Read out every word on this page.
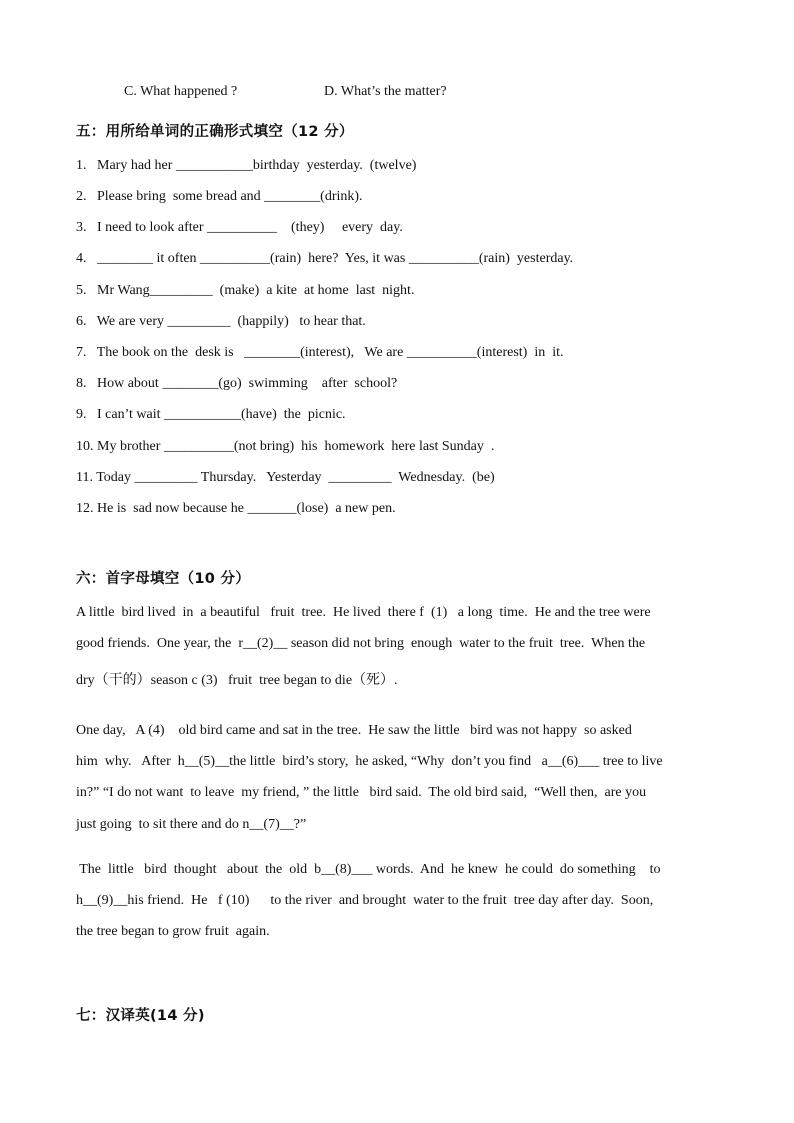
C. What happened ?	D. What’s the matter?
五：用所给单词的正确形式填空（12 分）
1.   Mary had her ___________birthday  yesterday.  (twelve)
2.   Please bring  some bread and ________(drink).
3.   I need to look after __________    (they)     every  day.
4.   ________ it often __________(rain)  here?  Yes, it was __________(rain)  yesterday.
5.   Mr Wang_________  (make)  a kite  at home  last  night.
6.   We are very _________  (happily)   to hear that.
7.   The book on the  desk is   ________(interest),   We are __________(interest)  in  it.
8.   How about ________(go)  swimming    after  school?
9.   I can’t wait ___________(have)  the  picnic.
10. My brother __________(not bring)  his  homework  here last Sunday  .
11. Today _________ Thursday.   Yesterday  _________  Wednesday.  (be)
12. He is  sad now because he _______(lose)  a new pen.
六：首字母填空（10 分）
A little  bird lived  in  a beautiful   fruit  tree.  He lived  there f  (1)   a long  time.  He and the tree were
good friends.  One year, the  r__(2)__ season did not bring  enough  water to the fruit  tree.  When the
dry（干的）season c (3)   fruit  tree began to die（死）.
One day,   A (4)    old bird came and sat in the tree.  He saw the little   bird was not happy  so asked
him  why.   After  h__(5)__the little  bird’s story,  he asked, “Why  don’t you find   a__(6)___ tree to live
in?” “I do not want  to leave  my friend, ” the little   bird said.  The old bird said,  “Well then,  are you
just going  to sit there and do n__(7)__?”
The  little   bird  thought   about  the  old  b__(8)___ words.  And  he knew  he could  do something    to
h__(9)__his friend.  He   f (10)      to the river  and brought  water to the fruit  tree day after day.  Soon,
the tree began to grow fruit  again.
七：汉译英(14 分)
